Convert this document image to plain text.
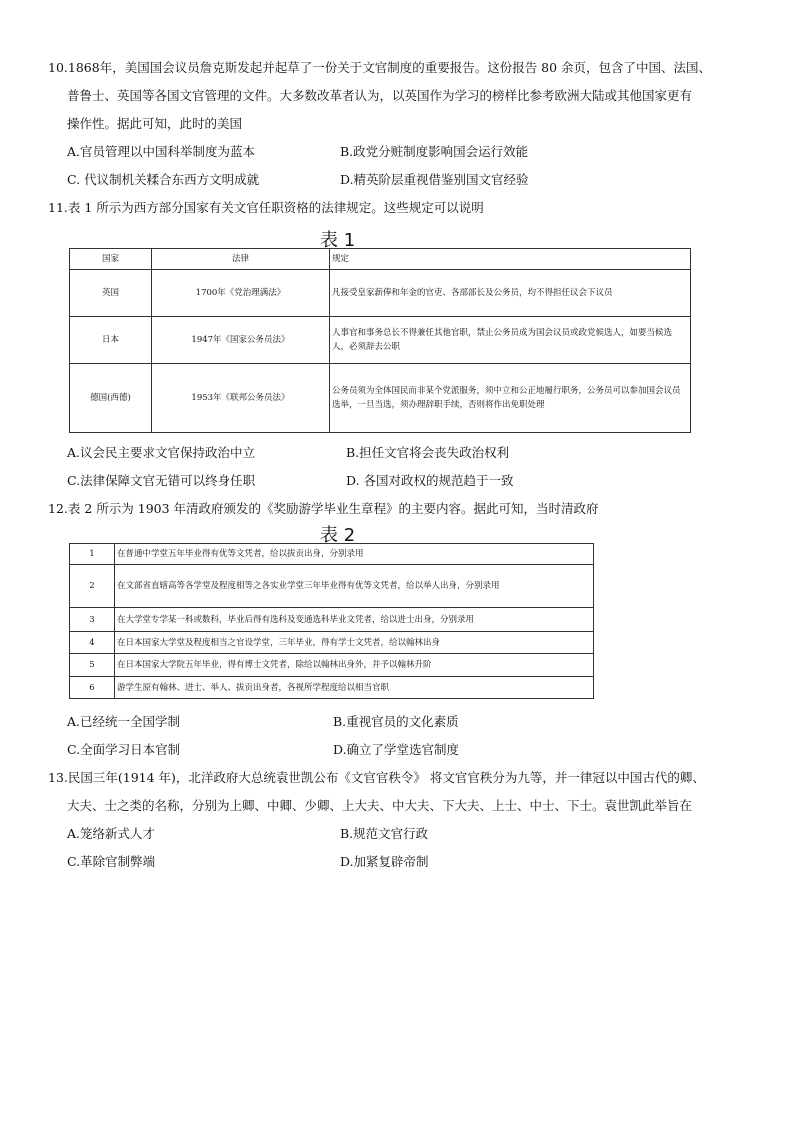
10.1868年，美国国会议员詹克斯发起并起草了一份关于文官制度的重要报告。这份报告 80 余页，包含了中国、法国、
普鲁士、英国等各国文官管理的文件。大多数改革者认为，以英国作为学习的榜样比参考欧洲大陆或其他国家更有
操作性。据此可知，此时的美国
A.官员管理以中国科举制度为蓝本	B.政党分赃制度影响国会运行效能
C. 代议制机关糅合东西方文明成就	D.精英阶层重视借鉴别国文官经验
11.表 1 所示为西方部分国家有关文官任职资格的法律规定。这些规定可以说明
表 1
国家	法律	规定
英国	1700年《党治理满法》	凡接受皇家薪俸和年金的官吏、各部部长及公务员，均不得担任议会下议员
日本	1947年《国家公务员法》	人事官和事务总长不得兼任其他官职，禁止公务员成为国会议员或政党候选人，如要当候选人，必须辞去公职
德国(西德)	1953年《联邦公务员法》	公务员须为全体国民而非某个党派服务，须中立和公正地履行职务，公务员可以参加国会议员选举，一旦当选，须办理辞职手续，否则将作出免职处理
A.议会民主要求文官保持政治中立	B.担任文官将会丧失政治权利
C.法律保障文官无错可以终身任职	D. 各国对政权的规范趋于一致
12.表 2 所示为 1903 年清政府颁发的《奖励游学毕业生章程》的主要内容。据此可知，当时清政府
表 2
1	在普通中学堂五年毕业得有优等文凭者，给以拔贡出身，分别录用
2	在文部省直辖高等各学堂及程度相等之各实业学堂三年毕业得有优等文凭者，给以举人出身，分别录用
3	在大学堂专学某一科或数科，毕业后得有选科及变通选科毕业文凭者，给以进士出身，分别录用
4	在日本国家大学堂及程度相当之官设学堂，三年毕业，得有学士文凭者，给以翰林出身
5	在日本国家大学院五年毕业，得有博士文凭者，除给以翰林出身外，并予以翰林升阶
6	游学生原有翰林、进士、举人、拔贡出身者，各视所学程度给以相当官职
A.已经统一全国学制	B.重视官员的文化素质
C.全面学习日本官制	D.确立了学堂选官制度
13.民国三年(1914 年)，北洋政府大总统袁世凯公布《文官官秩令》 将文官官秩分为九等，并一律冠以中国古代的卿、
大夫、士之类的名称，分别为上卿、中卿、少卿、上大夫、中大夫、下大夫、上士、中士、下士。袁世凯此举旨在
A.笼络新式人才	B.规范文官行政
C.革除官制弊端	D.加紧复辟帝制
